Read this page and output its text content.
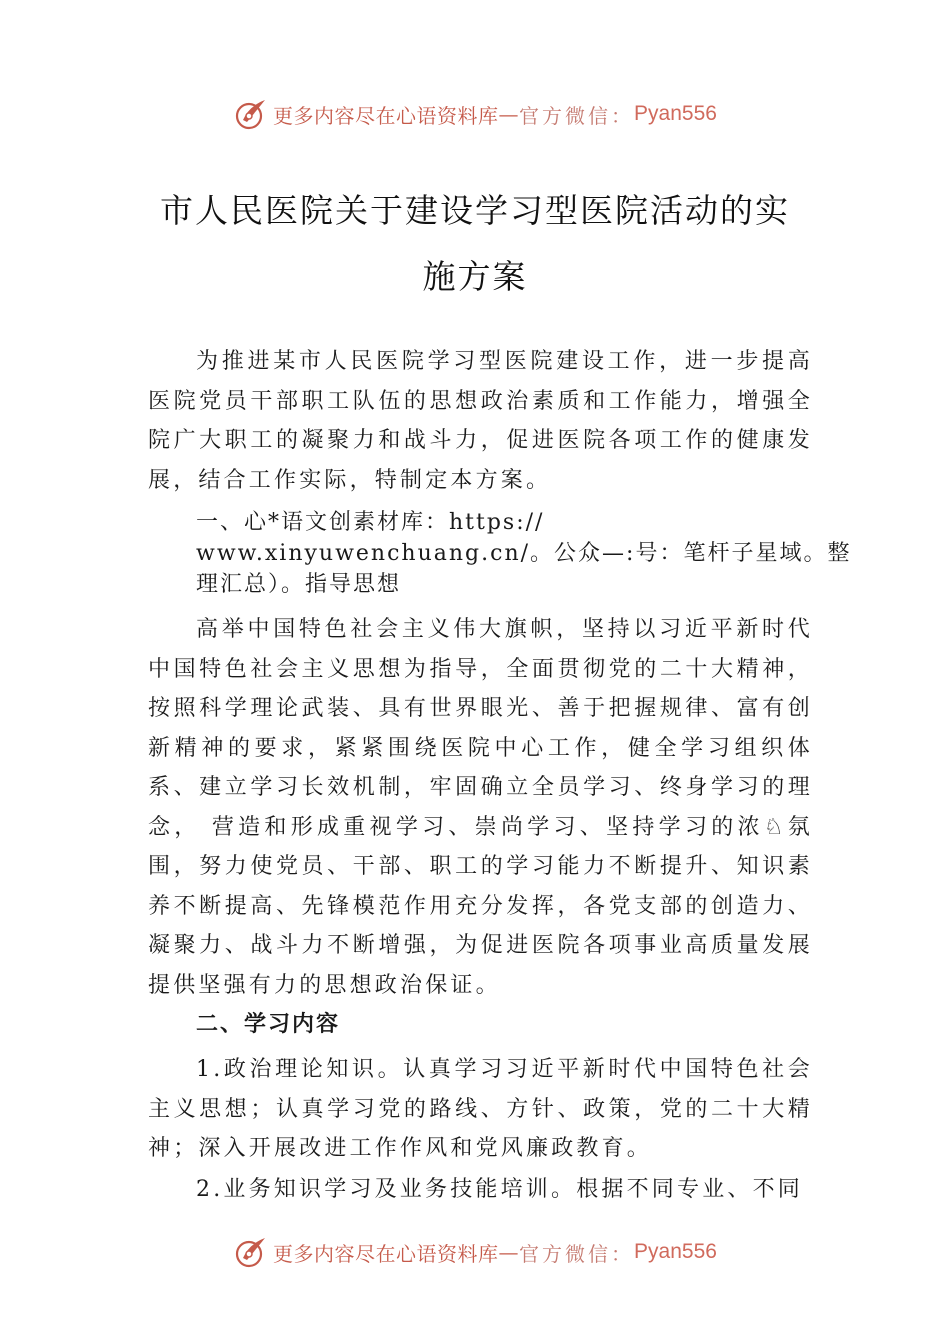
更多内容尽在心语资料库 — 官方微信： Pyan556
市人民医院关于建设学习型医院活动的实
施方案

为推进某市人民医院学习型医院建设工作，进一步提高医院党员干部职工队伍的思想政治素质和工作能力，增强全院广大职工的凝聚力和战斗力，促进医院各项工作的健康发展，结合工作实际，特制定本方案。

一、心*语文创素材库：https://
www.xinyuwenchuang.cn/。公众—:号：笔杆子星域。整
理汇总）。指导思想

高举中国特色社会主义伟大旗帜，坚持以习近平新时代中国特色社会主义思想为指导，全面贯彻党的二十大精神， 按照科学理论武装、具有世界眼光、善于把握规律、富有创新精神的要求，紧紧围绕医院中心工作，健全学习组织体系、建立学习长效机制，牢固确立全员学习、终身学习的理念， 营造和形成重视学习、崇尚学习、坚持学习的浓♘氛围，努力使党员、干部、职工的学习能力不断提升、知识素养不断提高、先锋模范作用充分发挥，各党支部的创造力、凝聚力、战斗力不断增强，为促进医院各项事业高质量发展提供坚强有力的思想政治保证。

二、学习内容

1.政治理论知识。认真学习习近平新时代中国特色社会主义思想；认真学习党的路线、方针、政策，党的二十大精神；深入开展改进工作作风和党风廉政教育。

2.业务知识学习及业务技能培训。根据不同专业、不同

更多内容尽在心语资料库 — 官方微信： Pyan556
